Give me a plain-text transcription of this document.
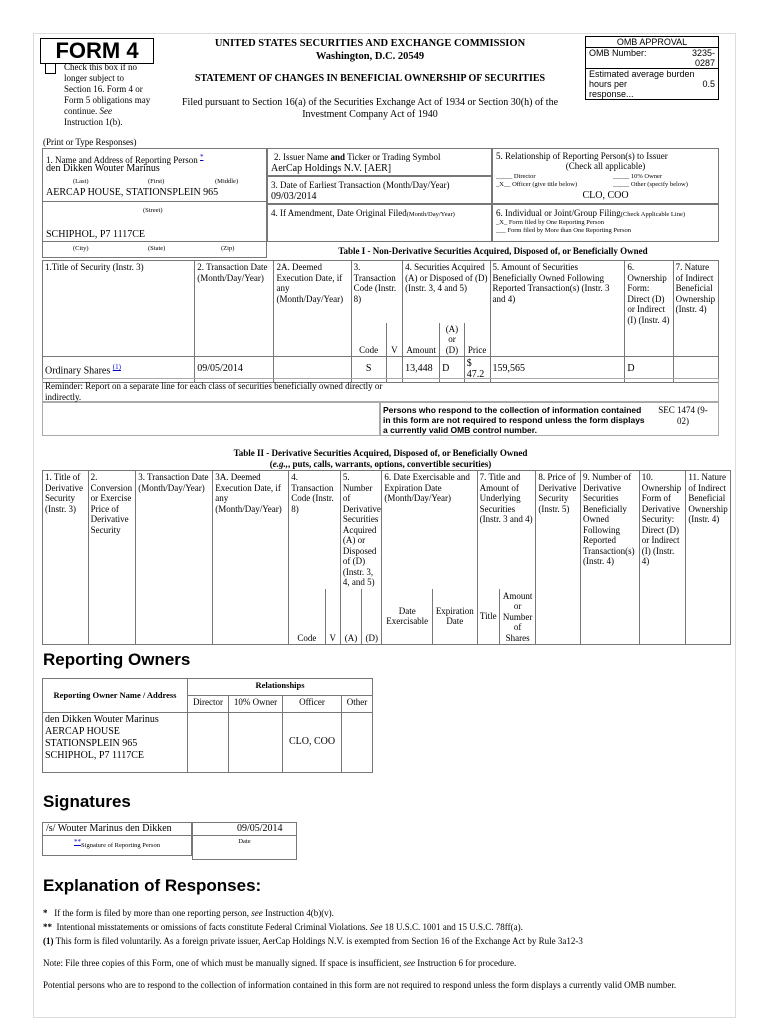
FORM 4
Check this box if no longer subject to Section 16. Form 4 or Form 5 obligations may continue. See Instruction 1(b).
UNITED STATES SECURITIES AND EXCHANGE COMMISSION
Washington, D.C. 20549
STATEMENT OF CHANGES IN BENEFICIAL OWNERSHIP OF SECURITIES
Filed pursuant to Section 16(a) of the Securities Exchange Act of 1934 or Section 30(h) of the
Investment Company Act of 1940
OMB APPROVAL	
OMB Number:	3235-0287
Estimated average burden	
hours per response...	0.5
(Print or Type Responses)
1. Name and Address of Reporting Person *
den Dikken Wouter Marinus
(Last)	(First)	(Middle)
AERCAP HOUSE, STATIONSPLEIN 965
(Street)
SCHIPHOL, P7 1117CE
(City)	(State)	(Zip)
2. Issuer Name and Ticker or Trading Symbol
AerCap Holdings N.V. [AER]
3. Date of Earliest Transaction (Month/Day/Year)
09/03/2014
4. If Amendment, Date Original Filed(Month/Day/Year)
5. Relationship of Reporting Person(s) to Issuer
(Check all applicable)
_____ Director	_____ 10% Owner
_X__ Officer (give title below)	_____ Other (specify below)
CLO, COO
6. Individual or Joint/Group Filing(Check Applicable Line)
_X_ Form filed by One Reporting Person
___ Form filed by More than One Reporting Person
Table I - Non-Derivative Securities Acquired, Disposed of, or Beneficially Owned
1.Title of Security (Instr. 3)	2. Transaction Date (Month/Day/Year)	2A. Deemed Execution Date, if any (Month/Day/Year)	3. Transaction Code (Instr. 8)		4. Securities Acquired (A) or Disposed of (D) (Instr. 3, 4 and 5)			5. Amount of Securities Beneficially Owned Following Reported Transaction(s) (Instr. 3 and 4)	6. Ownership Form: Direct (D) or Indirect (I) (Instr. 4)	7. Nature of Indirect Beneficial Ownership (Instr. 4)
			Code	V	Amount	(A) or (D)	Price			
Ordinary Shares $^{(1)}$	09/05/2014		S		13,448	D	$ 47.2	159,565	D	
Reminder: Report on a separate line for each class of securities beneficially owned directly or indirectly.
Persons who respond to the collection of information contained in this form are not required to respond unless the form displays a currently valid OMB control number.
SEC 1474 (9-02)
Table II - Derivative Securities Acquired, Disposed of, or Beneficially Owned
(e.g.,, puts, calls, warrants, options, convertible securities)
1. Title of Derivative Security (Instr. 3)	2. Conversion or Exercise Price of Derivative Security	3. Transaction Date (Month/Day/Year)	3A. Deemed Execution Date, if any (Month/Day/Year)	4. Transaction Code (Instr. 8)		5. Number of Derivative Securities Acquired (A) or Disposed of (D) (Instr. 3, 4, and 5)		6. Date Exercisable and Expiration Date (Month/Day/Year)		7. Title and Amount of Underlying Securities (Instr. 3 and 4)		8. Price of Derivative Security (Instr. 5)	9. Number of Derivative Securities Beneficially Owned Following Reported Transaction(s) (Instr. 4)	10. Ownership Form of Derivative Security: Direct (D) or Indirect (I) (Instr. 4)	11. Nature of Indirect Beneficial Ownership (Instr. 4)
				Code	V	(A)	(D)	Date Exercisable	Expiration Date	Title	Amount or Number of Shares				
Reporting Owners
Reporting Owner Name / Address	Relationships			
	Director	10% Owner	Officer	Other

den Dikken Wouter Marinus
AERCAP HOUSE
STATIONSPLEIN 965
SCHIPHOL, P7 1117CE			CLO, COO	
Signatures
/s/ Wouter Marinus den Dikken
**Signature of Reporting Person
09/05/2014
Date
Explanation of Responses:
* If the form is filed by more than one reporting person, see Instruction 4(b)(v).
** Intentional misstatements or omissions of facts constitute Federal Criminal Violations. See 18 U.S.C. 1001 and 15 U.S.C. 78ff(a).
(1) This form is filed voluntarily. As a foreign private issuer, AerCap Holdings N.V. is exempted from Section 16 of the Exchange Act by Rule 3a12-3
Note: File three copies of this Form, one of which must be manually signed. If space is insufficient, see Instruction 6 for procedure.
Potential persons who are to respond to the collection of information contained in this form are not required to respond unless the form displays a currently valid OMB number.
